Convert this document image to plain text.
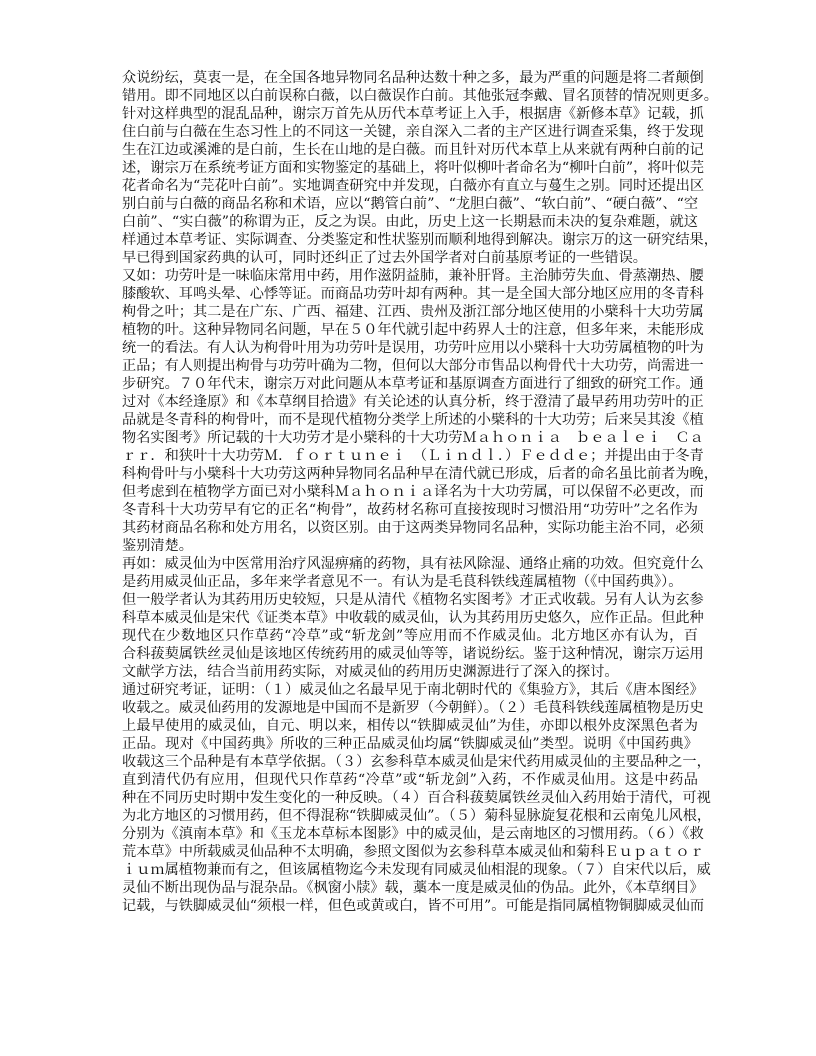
众说纷纭，莫衷一是，在全国各地异物同名品种达数十种之多，最为严重的问题是将二者颠倒
错用。即不同地区以白前误称白薇，以白薇误作白前。其他张冠李戴、冒名顶替的情况则更多。
针对这样典型的混乱品种，谢宗万首先从历代本草考证上入手，根据唐《新修本草》记载，抓
住白前与白薇在生态习性上的不同这一关键，亲自深入二者的主产区进行调查采集，终于发现
生在江边或溪滩的是白前，生长在山地的是白薇。而且针对历代本草上从来就有两种白前的记
述，谢宗万在系统考证方面和实物鉴定的基础上，将叶似柳叶者命名为“柳叶白前”，将叶似芫
花者命名为“芫花叶白前”。实地调查研究中并发现，白薇亦有直立与蔓生之别。同时还提出区
别白前与白薇的商品名称和术语，应以“鹅管白前”、“龙胆白薇”、“软白前”、“硬白薇”、“空
白前”、“实白薇”的称谓为正，反之为误。由此，历史上这一长期悬而未决的复杂难题，就这
样通过本草考证、实际调查、分类鉴定和性状鉴别而顺利地得到解决。谢宗万的这一研究结果，
早已得到国家药典的认可，同时还纠正了过去外国学者对白前基原考证的一些错误。
又如：功劳叶是一味临床常用中药，用作滋阴益肺，兼补肝肾。主治肺劳失血、骨蒸潮热、腰
膝酸软、耳鸣头晕、心悸等证。而商品功劳叶却有两种。其一是全国大部分地区应用的冬青科
枸骨之叶；其二是在广东、广西、福建、江西、贵州及浙江部分地区使用的小檗科十大功劳属
植物的叶。这种异物同名问题，早在５０年代就引起中药界人士的注意，但多年来，未能形成
统一的看法。有人认为枸骨叶用为功劳叶是误用，功劳叶应用以小檗科十大功劳属植物的叶为
正品；有人则提出枸骨与功劳叶确为二物，但何以大部分市售品以枸骨代十大功劳，尚需进一
步研究。７０年代末，谢宗万对此问题从本草考证和基原调查方面进行了细致的研究工作。通
过对《本经逢原》和《本草纲目拾遗》有关论述的认真分析，终于澄清了最早药用功劳叶的正
品就是冬青科的枸骨叶，而不是现代植物分类学上所述的小檗科的十大功劳；后来吴其浚《植
物名实图考》所记载的十大功劳才是小檗科的十大功劳Ｍａｈｏｎｉａ　ｂｅａｌｅｉ　Ｃａ
ｒｒ．和狭叶十大功劳Ｍ．ｆｏｒｔｕｎｅｉ　（Ｌｉｎｄｌ．）Ｆｅｄｄｅ；并提出由于冬青
科枸骨叶与小檗科十大功劳这两种异物同名品种早在清代就已形成，后者的命名虽比前者为晚，
但考虑到在植物学方面已对小檗科Ｍａｈｏｎｉａ译名为十大功劳属，可以保留不必更改，而
冬青科十大功劳早有它的正名“枸骨”，故药材名称可直接按现时习惯沿用“功劳叶”之名作为
其药材商品名称和处方用名，以资区别。由于这两类异物同名品种，实际功能主治不同，必须
鉴别清楚。
再如：威灵仙为中医常用治疗风湿痹痛的药物，具有祛风除湿、通络止痛的功效。但究竟什么
是药用威灵仙正品，多年来学者意见不一。有认为是毛茛科铁线莲属植物（《中国药典》）。
但一般学者认为其药用历史较短，只是从清代《植物名实图考》才正式收载。另有人认为玄参
科草本威灵仙是宋代《证类本草》中收载的威灵仙，认为其药用历史悠久，应作正品。但此种
现代在少数地区只作草药“冷草”或“斩龙剑”等应用而不作威灵仙。北方地区亦有认为，百
合科菝葜属铁丝灵仙是该地区传统药用的威灵仙等等，诸说纷纭。鉴于这种情况，谢宗万运用
文献学方法，结合当前用药实际，对威灵仙的药用历史渊源进行了深入的探讨。
通过研究考证，证明：（１）威灵仙之名最早见于南北朝时代的《集验方》，其后《唐本图经》
收载之。威灵仙药用的发源地是中国而不是新罗（今朝鲜）。（２）毛茛科铁线莲属植物是历史
上最早使用的威灵仙，自元、明以来，相传以“铁脚威灵仙”为佳，亦即以根外皮深黑色者为
正品。现对《中国药典》所收的三种正品威灵仙均属“铁脚威灵仙”类型。说明《中国药典》
收载这三个品种是有本草学依据。（３）玄参科草本威灵仙是宋代药用威灵仙的主要品种之一，
直到清代仍有应用，但现代只作草药“冷草”或“斩龙剑”入药，不作威灵仙用。这是中药品
种在不同历史时期中发生变化的一种反映。（４）百合科菝葜属铁丝灵仙入药用始于清代，可视
为北方地区的习惯用药，但不得混称“铁脚威灵仙”。（５）菊科显脉旋复花根和云南兔儿风根，
分别为《滇南本草》和《玉龙本草标本图影》中的威灵仙，是云南地区的习惯用药。（６）《救
荒本草》中所载威灵仙品种不太明确，参照文图似为玄参科草本威灵仙和菊科Ｅｕｐａｔｏｒ
ｉｕｍ属植物兼而有之，但该属植物迄今未发现有同威灵仙相混的现象。（７）自宋代以后，威
灵仙不断出现伪品与混杂品。《枫窗小牍》载，藁本一度是威灵仙的伪品。此外，《本草纲目》
记载，与铁脚威灵仙“须根一样，但色或黄或白，皆不可用”。可能是指同属植物铜脚威灵仙而
